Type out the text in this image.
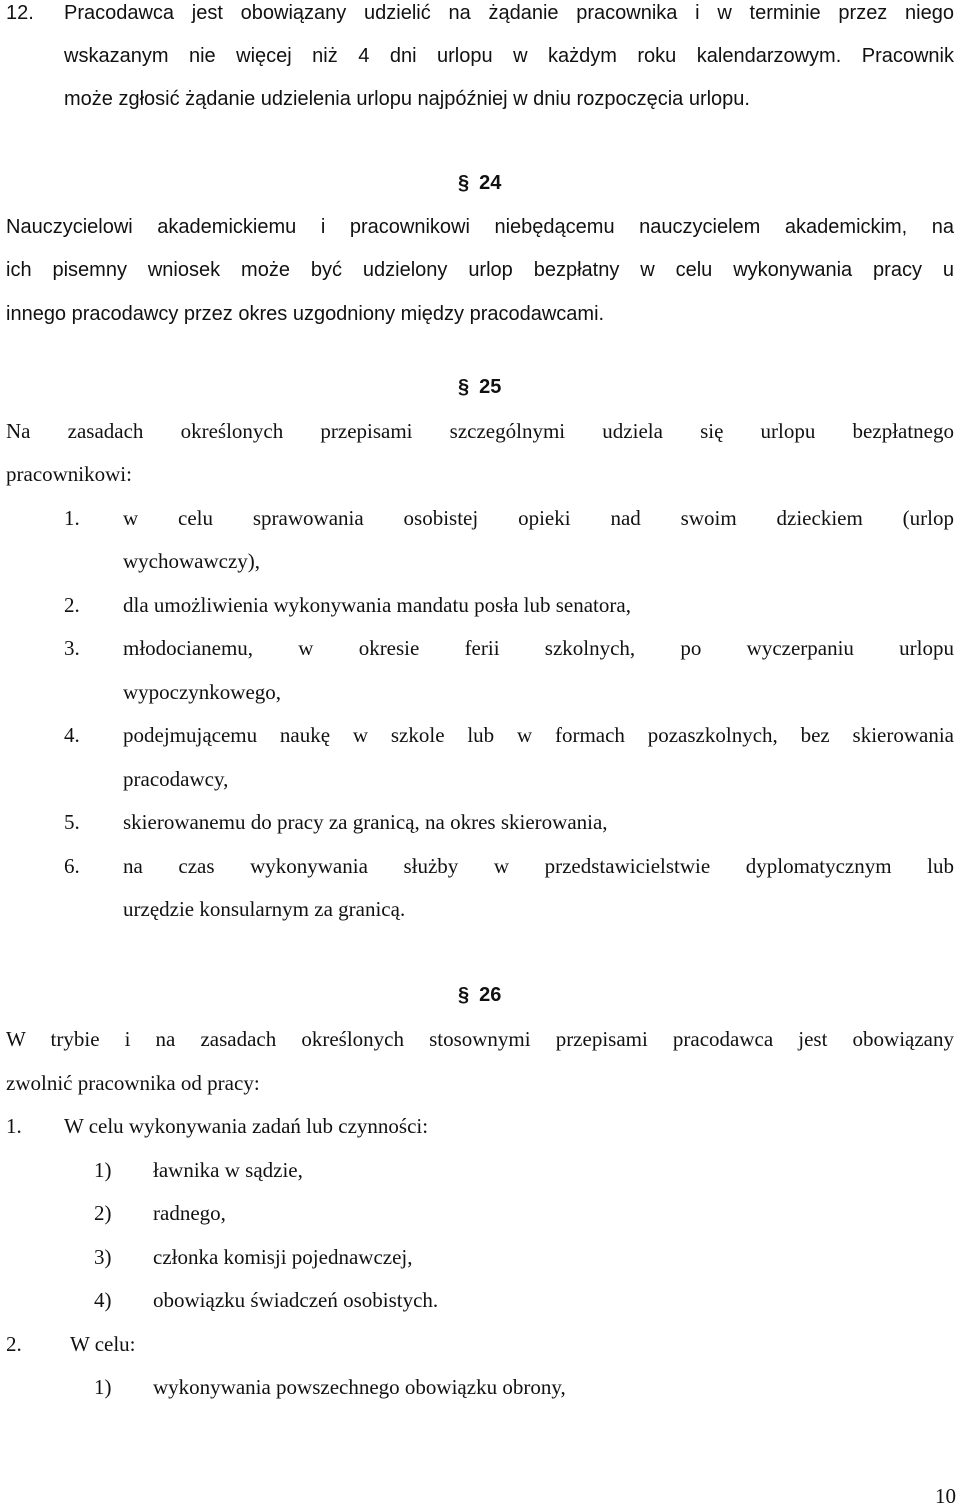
12. Pracodawca jest obowiązany udzielić na żądanie pracownika i w terminie przez niego
wskazanym nie więcej niż 4 dni urlopu w każdym roku kalendarzowym. Pracownik
może zgłosić żądanie udzielenia urlopu najpóźniej w dniu rozpoczęcia urlopu.
§ 24
Nauczycielowi akademickiemu i pracownikowi niebędącemu nauczycielem akademickim, na
ich pisemny wniosek może być udzielony urlop bezpłatny w celu wykonywania pracy u
innego pracodawcy przez okres uzgodniony między pracodawcami.
§ 25
Na zasadach określonych przepisami szczególnymi udziela się urlopu bezpłatnego
pracownikowi:
1. w celu sprawowania osobistej opieki nad swoim dzieckiem (urlop
wychowawczy),
2. dla umożliwienia wykonywania mandatu posła lub senatora,
3. młodocianemu, w okresie ferii szkolnych, po wyczerpaniu urlopu
wypoczynkowego,
4. podejmującemu naukę w szkole lub w formach pozaszkolnych, bez skierowania
pracodawcy,
5. skierowanemu do pracy za granicą, na okres skierowania,
6. na czas wykonywania służby w przedstawicielstwie dyplomatycznym lub
urzędzie konsularnym za granicą.
§ 26
W trybie i na zasadach określonych stosownymi przepisami pracodawca jest obowiązany
zwolnić pracownika od pracy:
1. W celu wykonywania zadań lub czynności:
1) ławnika w sądzie,
2) radnego,
3) członka komisji pojednawczej,
4) obowiązku świadczeń osobistych.
2. W celu:
1) wykonywania powszechnego obowiązku obrony,
10
